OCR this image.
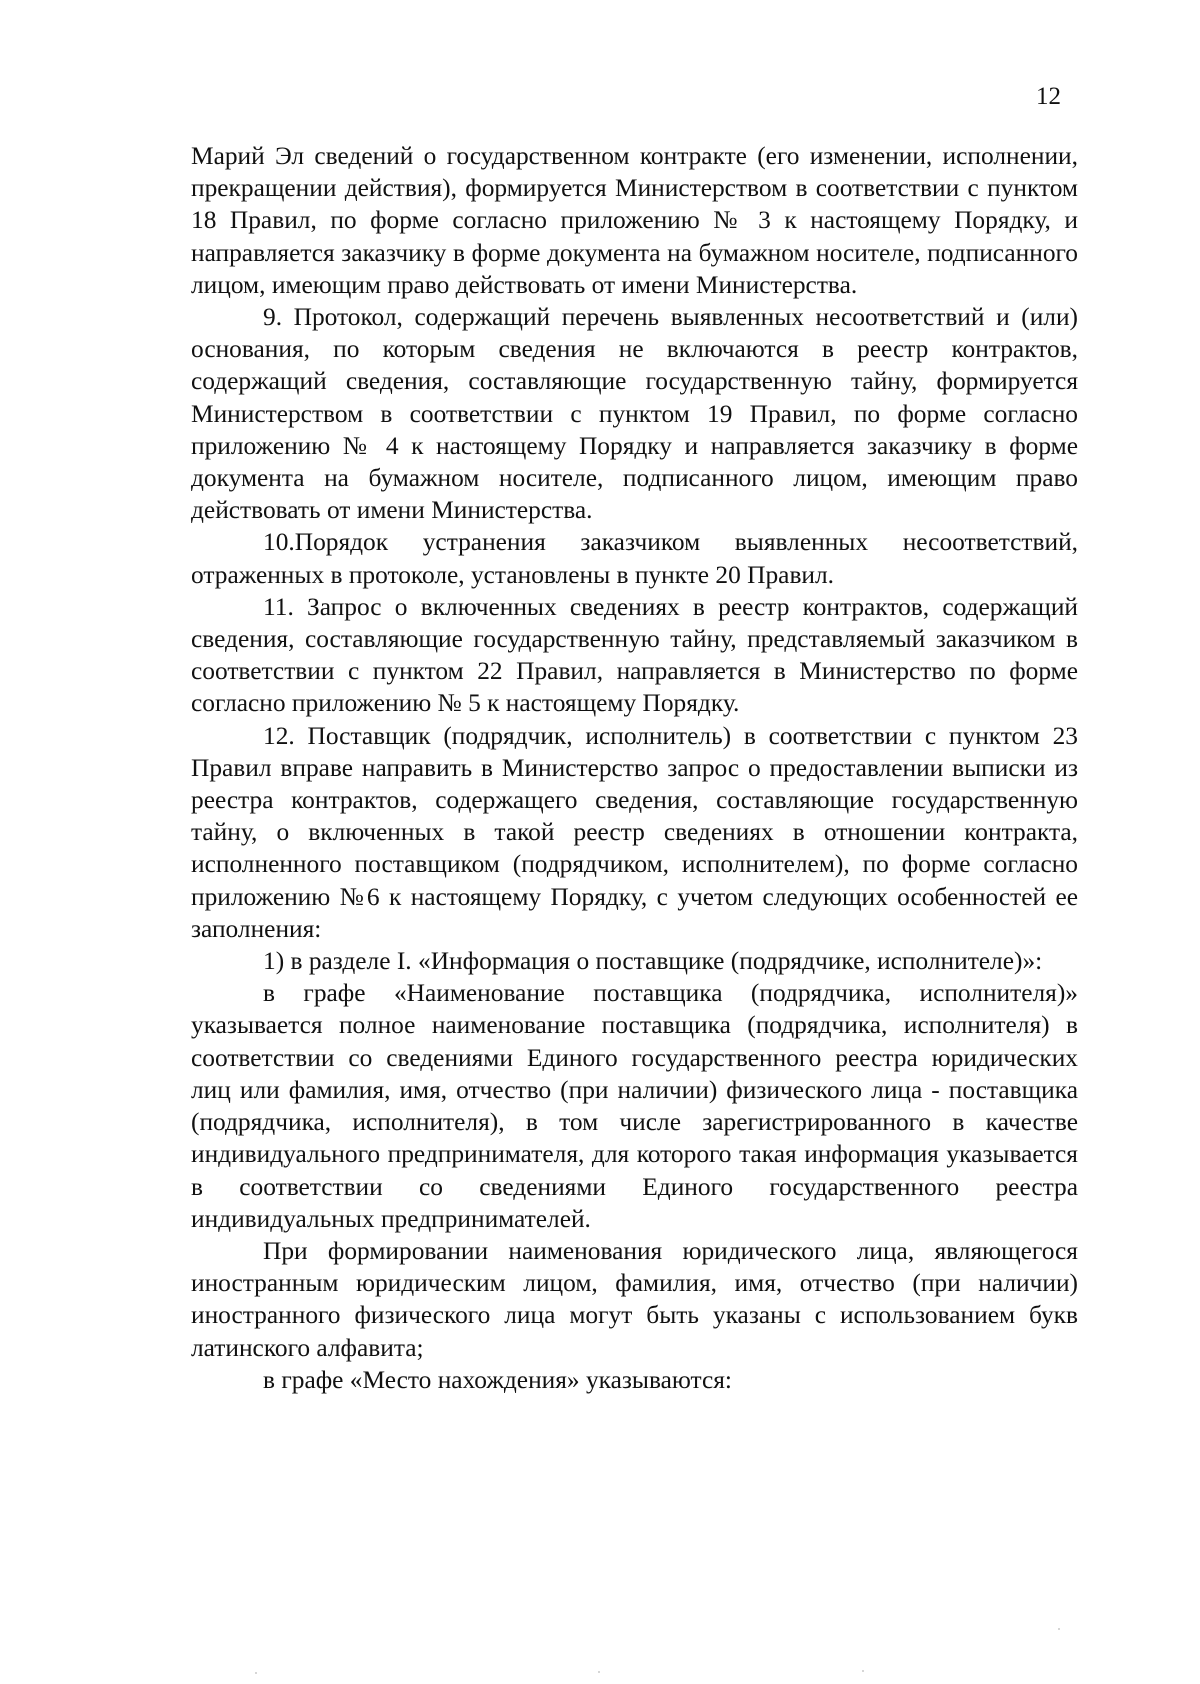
12

Марий Эл сведений о государственном контракте (его изменении, исполнении, прекращении действия), формируется Министерством в соответствии с пунктом 18 Правил, по форме согласно приложению № 3 к настоящему Порядку, и направляется заказчику в форме документа на бумажном носителе, подписанного лицом, имеющим право действовать от имени Министерства.

9. Протокол, содержащий перечень выявленных несоответствий и (или) основания, по которым сведения не включаются в реестр контрактов, содержащий сведения, составляющие государственную тайну, формируется Министерством в соответствии с пунктом 19 Правил, по форме согласно приложению № 4 к настоящему Порядку и направляется заказчику в форме документа на бумажном носителе, подписанного лицом, имеющим право действовать от имени Министерства.

10.Порядок устранения заказчиком выявленных несоответствий, отраженных в протоколе, установлены в пункте 20 Правил.

11. Запрос о включенных сведениях в реестр контрактов, содержащий сведения, составляющие государственную тайну, представляемый заказчиком в соответствии с пунктом 22 Правил, направляется в Министерство по форме согласно приложению № 5 к настоящему Порядку.

12. Поставщик (подрядчик, исполнитель) в соответствии с пунктом 23 Правил вправе направить в Министерство запрос о предоставлении выписки из реестра контрактов, содержащего сведения, составляющие государственную тайну, о включенных в такой реестр сведениях в отношении контракта, исполненного поставщиком (подрядчиком, исполнителем), по форме согласно приложению №6 к настоящему Порядку, с учетом следующих особенностей ее заполнения:

1) в разделе I. «Информация о поставщике (подрядчике, исполнителе)»:

в графе «Наименование поставщика (подрядчика, исполнителя)» указывается полное наименование поставщика (подрядчика, исполнителя) в соответствии со сведениями Единого государственного реестра юридических лиц или фамилия, имя, отчество (при наличии) физического лица - поставщика (подрядчика, исполнителя), в том числе зарегистрированного в качестве индивидуального предпринимателя, для которого такая информация указывается в соответствии со сведениями Единого государственного реестра индивидуальных предпринимателей.

При формировании наименования юридического лица, являющегося иностранным юридическим лицом, фамилия, имя, отчество (при наличии) иностранного физического лица могут быть указаны с использованием букв латинского алфавита;

в графе «Место нахождения» указываются:
